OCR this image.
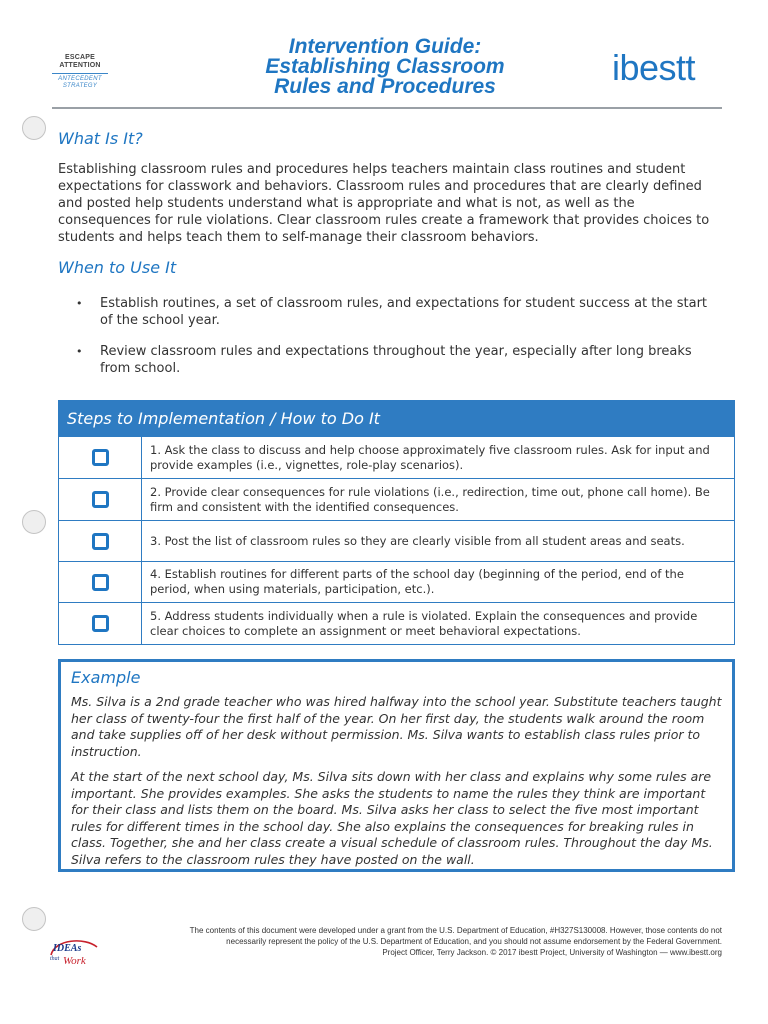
ESCAPE
ATTENTION
ANTECEDENT
STRATEGY
Intervention Guide:
Establishing Classroom
Rules and Procedures	ibestt
What Is It?
Establishing classroom rules and procedures helps teachers maintain class routines and student expectations for classwork and behaviors. Classroom rules and procedures that are clearly defined and posted help students understand what is appropriate and what is not, as well as the consequences for rule violations. Clear classroom rules create a framework that provides choices to students and helps teach them to self-manage their classroom behaviors.
When to Use It
•	Establish routines, a set of classroom rules, and expectations for student success at the start of the school year.
•	Review classroom rules and expectations throughout the year, especially after long breaks from school.
Steps to Implementation / How to Do It
1. Ask the class to discuss and help choose approximately five classroom rules. Ask for input and provide examples (i.e., vignettes, role-play scenarios).
2. Provide clear consequences for rule violations (i.e., redirection, time out, phone call home). Be firm and consistent with the identified consequences.
3. Post the list of classroom rules so they are clearly visible from all student areas and seats.
4. Establish routines for different parts of the school day (beginning of the period, end of the period, when using materials, participation, etc.).
5. Address students individually when a rule is violated. Explain the consequences and provide clear choices to complete an assignment or meet behavioral expectations.
Example

Ms. Silva is a 2nd grade teacher who was hired halfway into the school year. Substitute teachers taught her class of twenty-four the first half of the year. On her first day, the students walk around the room and take supplies off of her desk without permission. Ms. Silva wants to establish class rules prior to instruction.

At the start of the next school day, Ms. Silva sits down with her class and explains why some rules are important. She provides examples. She asks the students to name the rules they think are important for their class and lists them on the board. Ms. Silva asks her class to select the five most important rules for different times in the school day. She also explains the consequences for breaking rules in class. Together, she and her class create a visual schedule of classroom rules. Throughout the day Ms. Silva refers to the classroom rules they have posted on the wall.

IDEAs
that Work
The contents of this document were developed under a grant from the U.S. Department of Education, #H327S130008. However, those contents do not
necessarily represent the policy of the U.S. Department of Education, and you should not assume endorsement by the Federal Government.
Project Officer, Terry Jackson. © 2017 ibestt Project, University of Washington — www.ibestt.org
